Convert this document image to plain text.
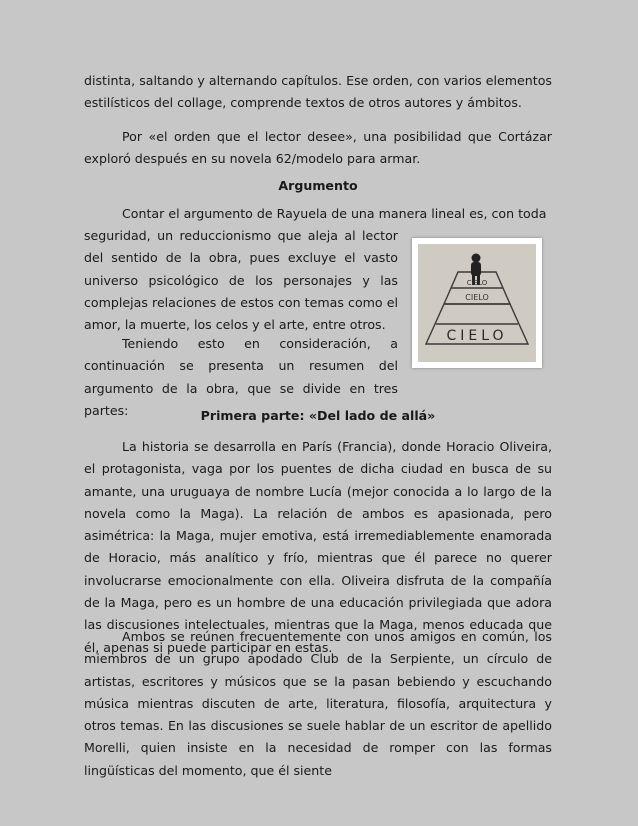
distinta, saltando y alternando capítulos. Ese orden, con varios elementos estilísticos del collage, comprende textos de otros autores y ámbitos.

Por «el orden que el lector desee», una posibilidad que Cortázar exploró después en su novela 62/modelo para armar.

Argumento

Contar el argumento de Rayuela de una manera lineal es, con toda

seguridad, un reduccionismo que aleja al lector del sentido de la obra, pues excluye el vasto universo psicológico de los personajes y las complejas relaciones de estos con temas como el amor, la muerte, los celos y el arte, entre otros.

Teniendo esto en consideración, a continuación se presenta un resumen del argumento de la obra, que se divide en tres partes:

CIELO
CIELO
CIELO

Primera parte: «Del lado de allá»

La historia se desarrolla en París (Francia), donde Horacio Oliveira, el protagonista, vaga por los puentes de dicha ciudad en busca de su amante, una uruguaya de nombre Lucía (mejor conocida a lo largo de la novela como la Maga). La relación de ambos es apasionada, pero asimétrica: la Maga, mujer emotiva, está irremediablemente enamorada de Horacio, más analítico y frío, mientras que él parece no querer involucrarse emocionalmente con ella. Oliveira disfruta de la compañía de la Maga, pero es un hombre de una educación privilegiada que adora las discusiones intelectuales, mientras que la Maga, menos educada que él, apenas si puede participar en estas.

Ambos se reúnen frecuentemente con unos amigos en común, los miembros de un grupo apodado Club de la Serpiente, un círculo de artistas, escritores y músicos que se la pasan bebiendo y escuchando música mientras discuten de arte, literatura, filosofía, arquitectura y otros temas. En las discusiones se suele hablar de un escritor de apellido Morelli, quien insiste en la necesidad de romper con las formas lingüísticas del momento, que él siente
